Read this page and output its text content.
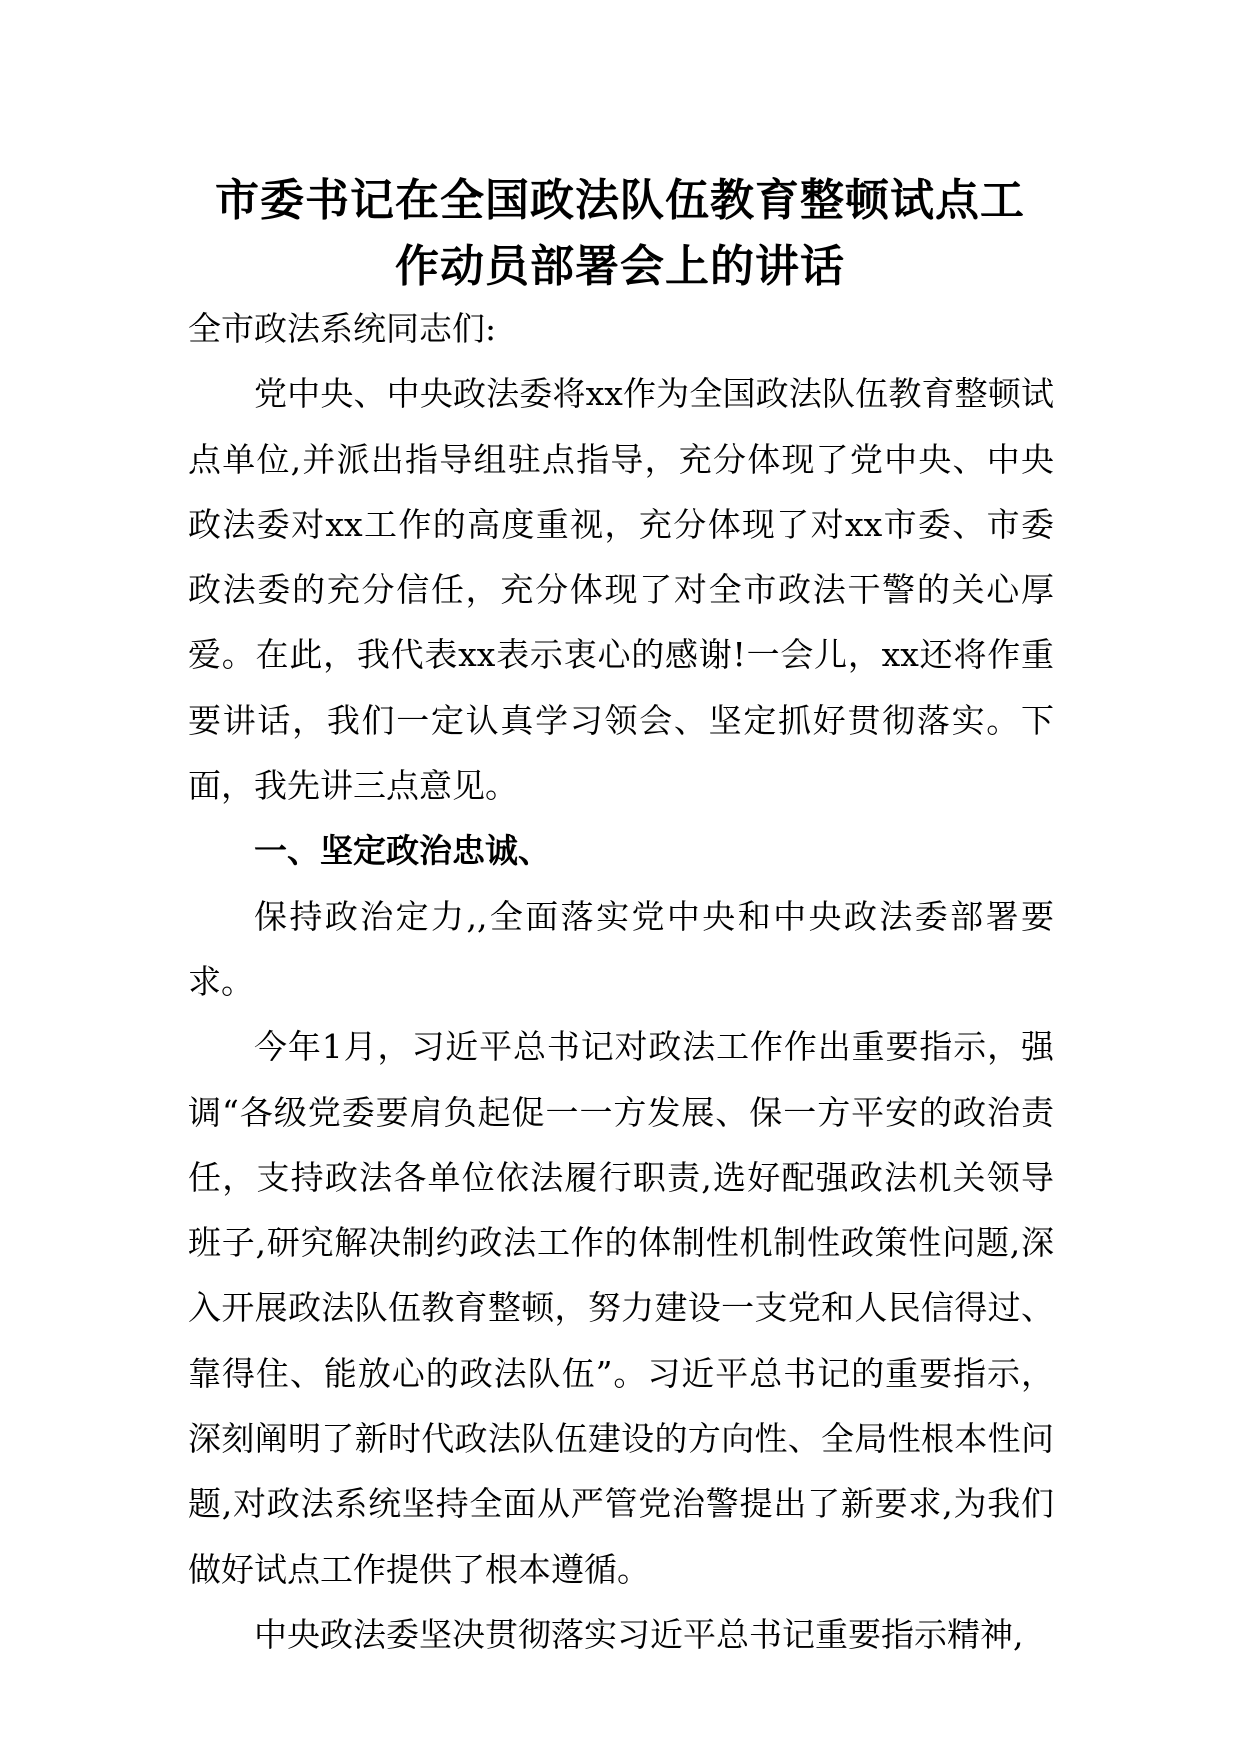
市委书记在全国政法队伍教育整顿试点工
作动员部署会上的讲话

全市政法系统同志们:

党中央、中央政法委将xx作为全国政法队伍教育整顿试点单位,并派出指导组驻点指导，充分体现了党中央、中央政法委对xx工作的高度重视，充分体现了对xx市委、市委政法委的充分信任，充分体现了对全市政法干警的关心厚爱。在此，我代表xx表示衷心的感谢!一会儿，xx还将作重要讲话，我们一定认真学习领会、坚定抓好贯彻落实。下面，我先讲三点意见。

一、坚定政治忠诚、

保持政治定力,,全面落实党中央和中央政法委部署要求。

今年1月，习近平总书记对政法工作作出重要指示，强调“各级党委要肩负起促一一方发展、保一方平安的政治责任，支持政法各单位依法履行职责,选好配强政法机关领导班子,研究解决制约政法工作的体制性机制性政策性问题,深入开展政法队伍教育整顿，努力建设一支党和人民信得过、靠得住、能放心的政法队伍”。习近平总书记的重要指示，深刻阐明了新时代政法队伍建设的方向性、全局性根本性问题,对政法系统坚持全面从严管党治警提出了新要求,为我们做好试点工作提供了根本遵循。

中央政法委坚决贯彻落实习近平总书记重要指示精神,
